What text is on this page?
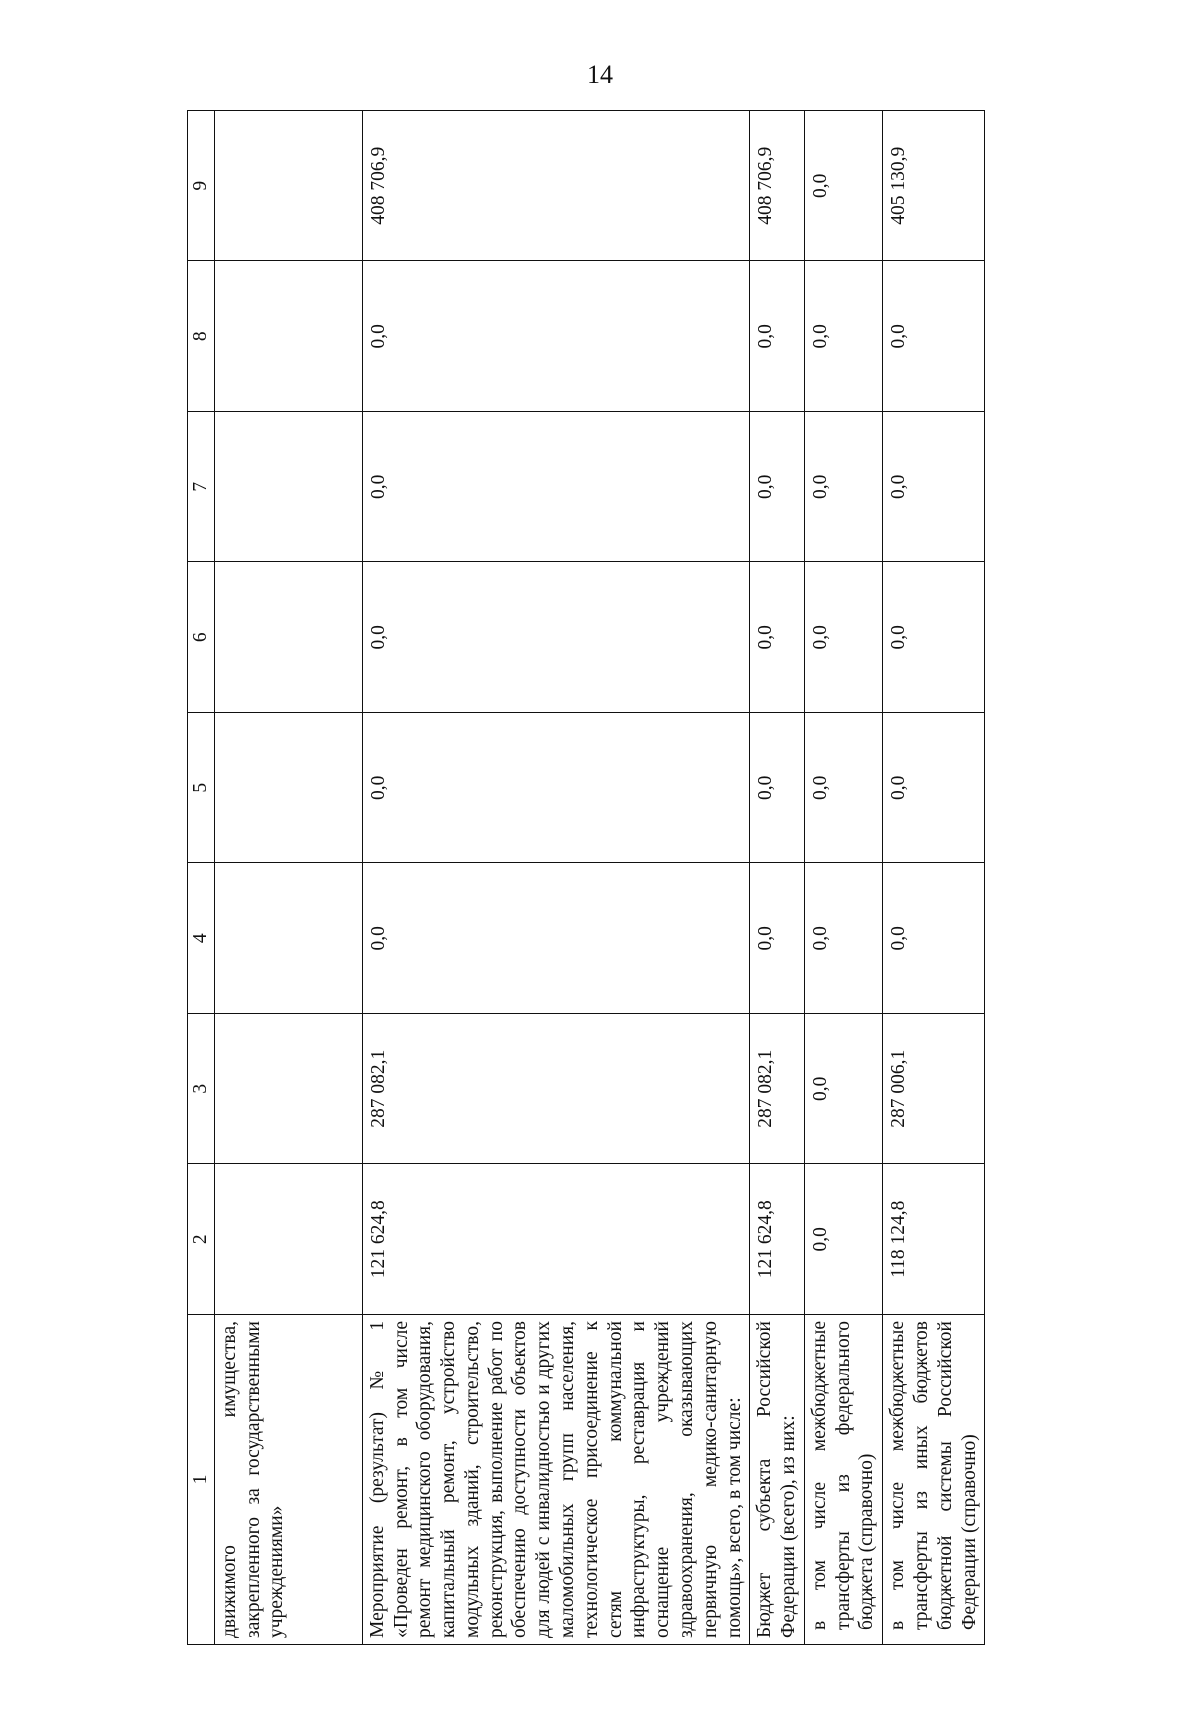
14
1	2	3	4	5	6	7	8	9
движимого имущества, закрепленного за государственными учреждениями»								
Мероприятие (результат) № 1 «Проведен ремонт, в том числе ремонт медицинского оборудования, капитальный ремонт, устройство модульных зданий, строительство, реконструкция, выполнение работ по обеспечению доступности объектов для людей с инвалидностью и других маломобильных групп населения, технологическое присоединение к сетям коммунальной инфраструктуры, реставрация и оснащение учреждений здравоохранения, оказывающих первичную медико-санитарную помощь», всего, в том числе:	121 624,8	287 082,1	0,0	0,0	0,0	0,0	0,0	408 706,9
Бюджет субъекта Российской Федерации (всего), из них:	121 624,8	287 082,1	0,0	0,0	0,0	0,0	0,0	408 706,9
в том числе межбюджетные трансферты из федерального бюджета (справочно)	0,0	0,0	0,0	0,0	0,0	0,0	0,0	0,0
в том числе межбюджетные трансферты из иных бюджетов бюджетной системы Российской Федерации (справочно)	118 124,8	287 006,1	0,0	0,0	0,0	0,0	0,0	405 130,9
